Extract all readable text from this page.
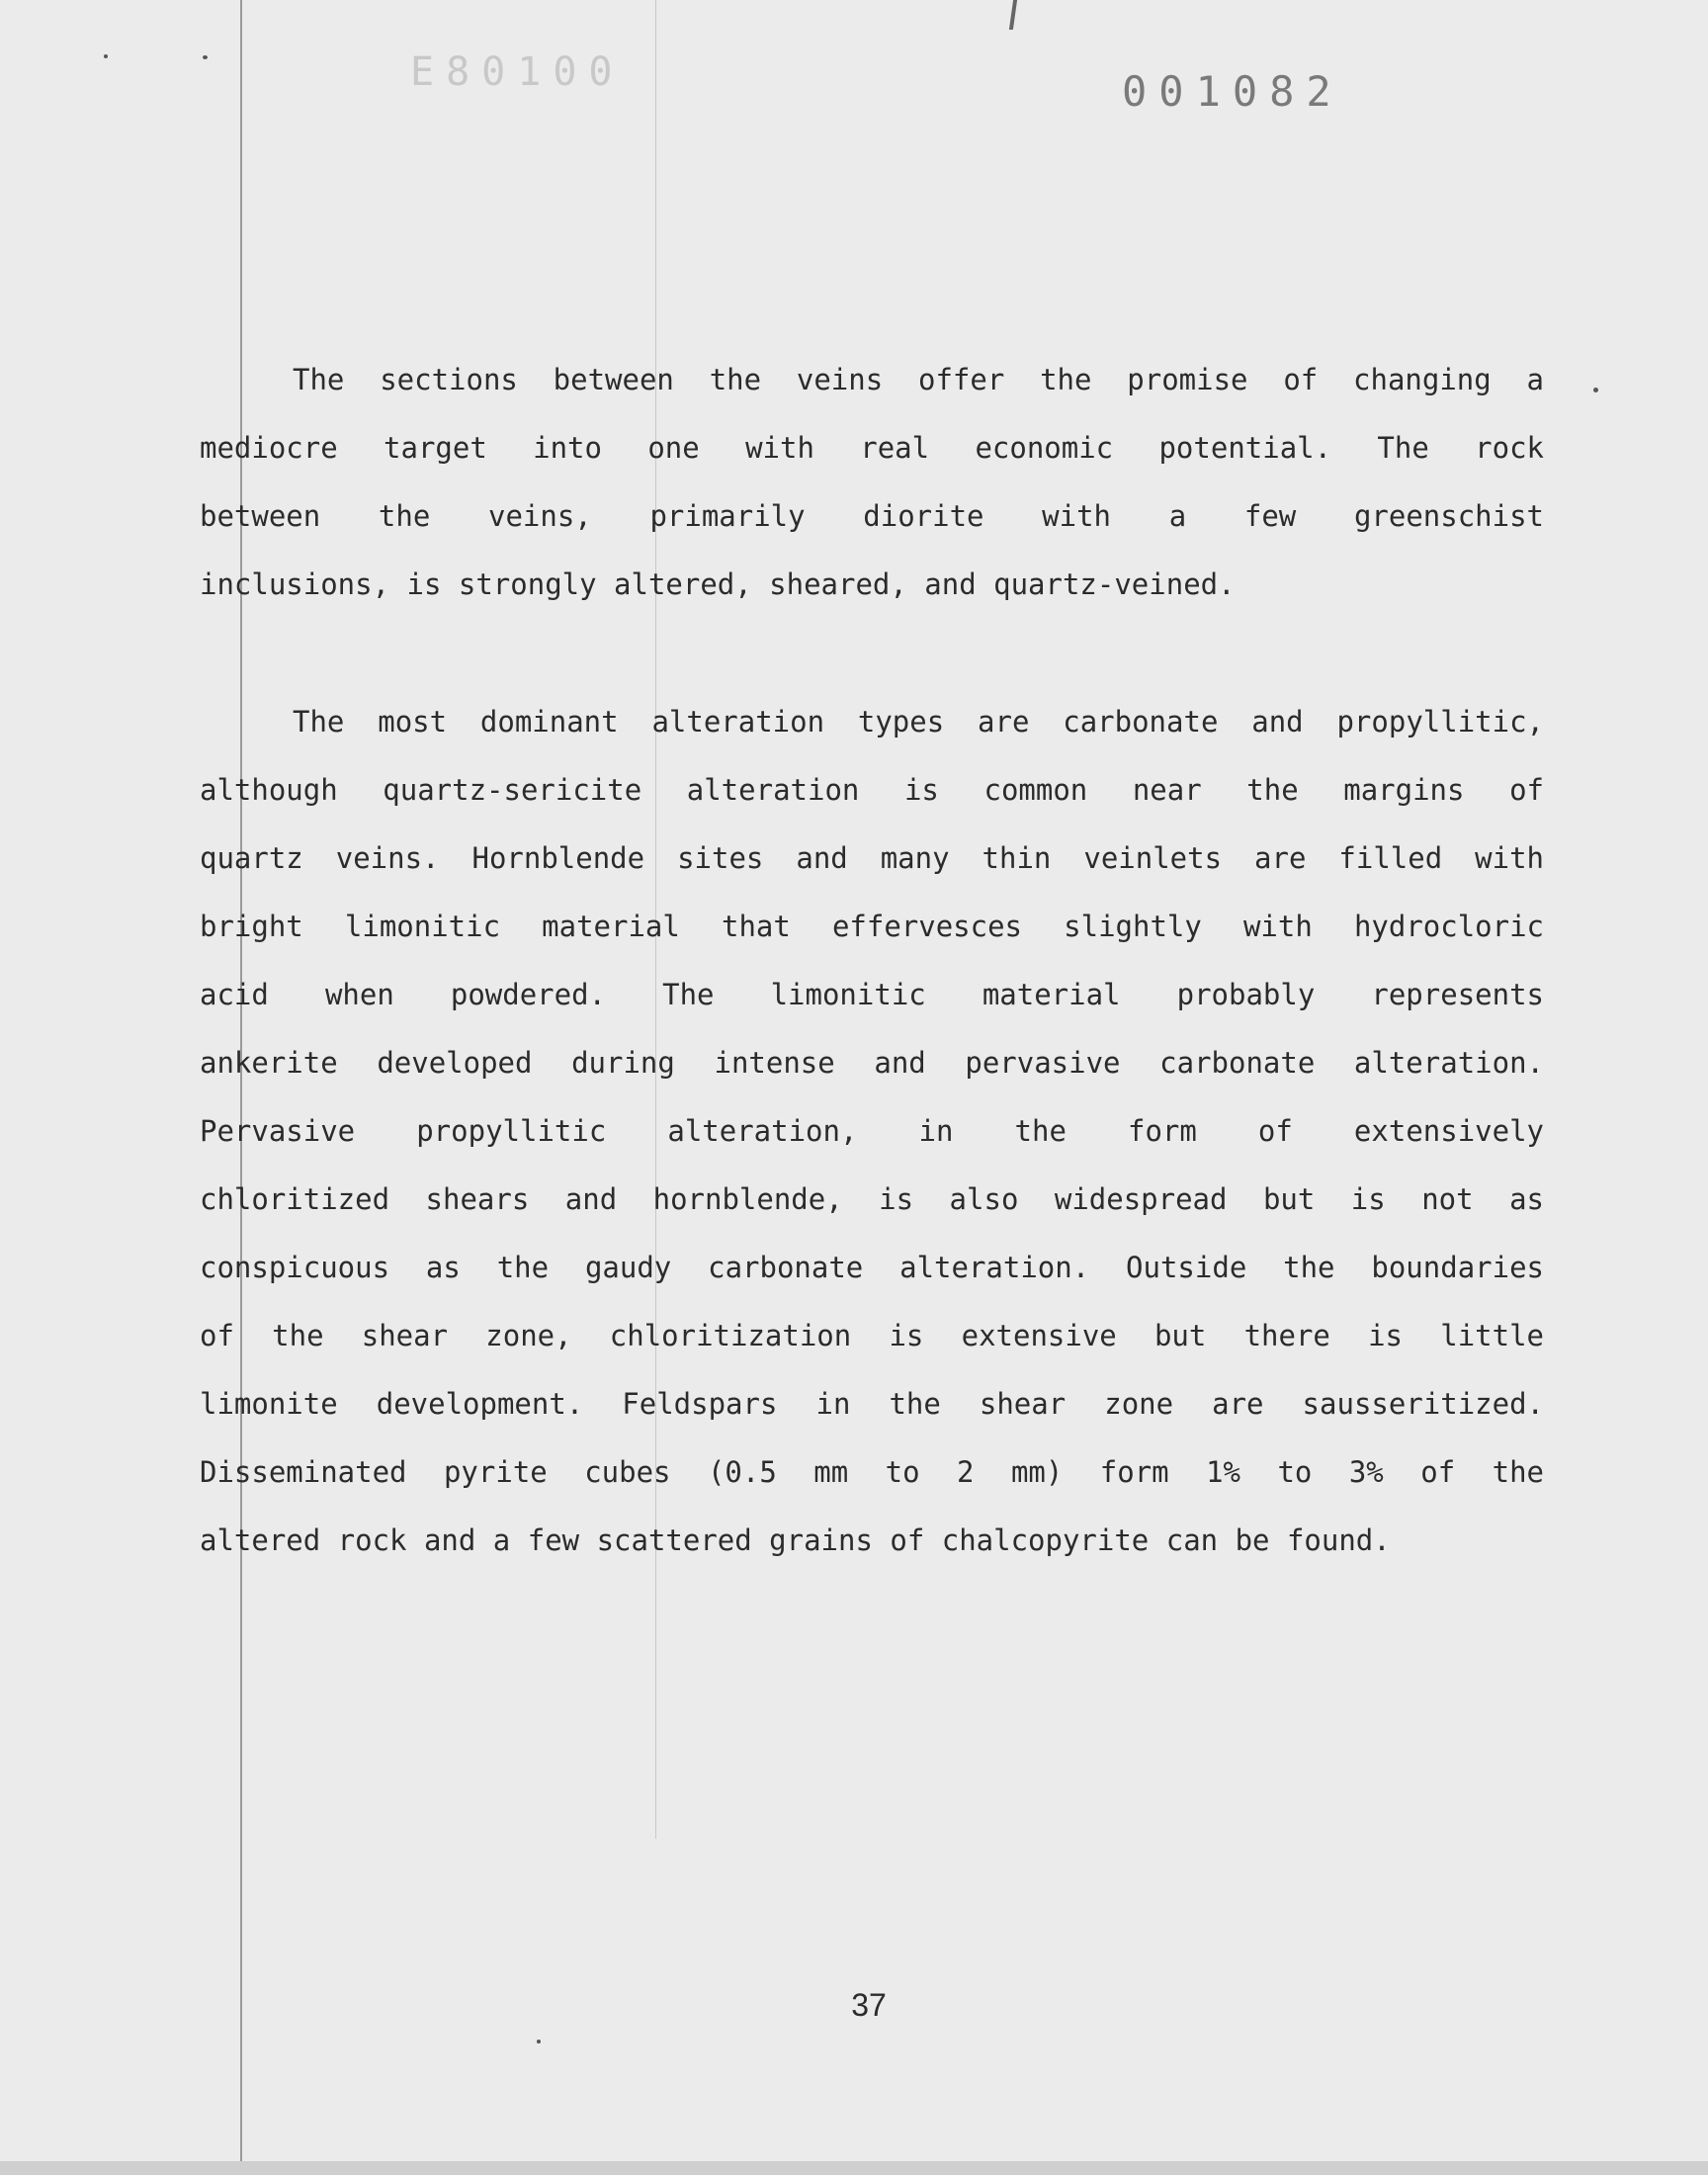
E80100	001082

The sections between the veins offer the promise of changing a
mediocre target into one with real economic potential. The rock
between the veins, primarily diorite with a few greenschist
inclusions, is strongly altered, sheared, and quartz-veined.

The most dominant alteration types are carbonate and propyllitic,
although quartz-sericite alteration is common near the margins of
quartz veins. Hornblende sites and many thin veinlets are filled with
bright limonitic material that effervesces slightly with hydrocloric
acid when powdered. The limonitic material probably represents
ankerite developed during intense and pervasive carbonate alteration.
Pervasive propyllitic alteration, in the form of extensively
chloritized shears and hornblende, is also widespread but is not as
conspicuous as the gaudy carbonate alteration. Outside the boundaries
of the shear zone, chloritization is extensive but there is little
limonite development. Feldspars in the shear zone are sausseritized.
Disseminated pyrite cubes (0.5 mm to 2 mm) form 1% to 3% of the
altered rock and a few scattered grains of chalcopyrite can be found.

37
